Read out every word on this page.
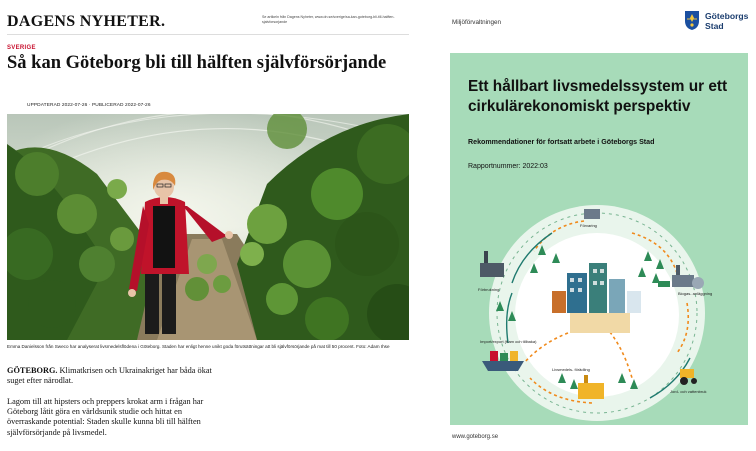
DAGENS NYHETER.	Se artikeln från Dagens Nyheter, www.dn.se/sverige/sa-kan-goteborg-bli-till-halften-sjalvforsorjande
SVERIGE
Så kan Göteborg bli till hälften självförsörjande
UPPDATERAD 2022-07-26 · PUBLICERAD 2022-07-26
Emma Danielsson från Sweco har analyserat livsmedelsflödena i Göteborg. Staden har enligt henne unikt goda förutsättningar att bli självförsörjande på mat till 50 procent. Foto: Adam Ihse

GÖTEBORG. Klimatkrisen och Ukrainakriget har båda ökat suget efter närodlat.

Lagom till att hipsters och preppers krokat arm i frågan har Göteborg låtit göra en världsunik studie och hittat en överraskande potential: Staden skulle kunna bli till hälften självförsörjande på livsmedel.

Miljöförvaltningen
Göteborgs
Stad
Ett hållbart livsmedelssystem ur ett cirkulärekonomiskt perspektiv
Rekommendationer för fortsatt arbete i Göteborgs Stad
Rapportnummer: 2022:03
Förvaring
Förbrukning
Biogas- anläggning
Import/export (fram och tillbaka)
Livsmedels- förädling
Jord- och vattenbruk
www.goteborg.se
